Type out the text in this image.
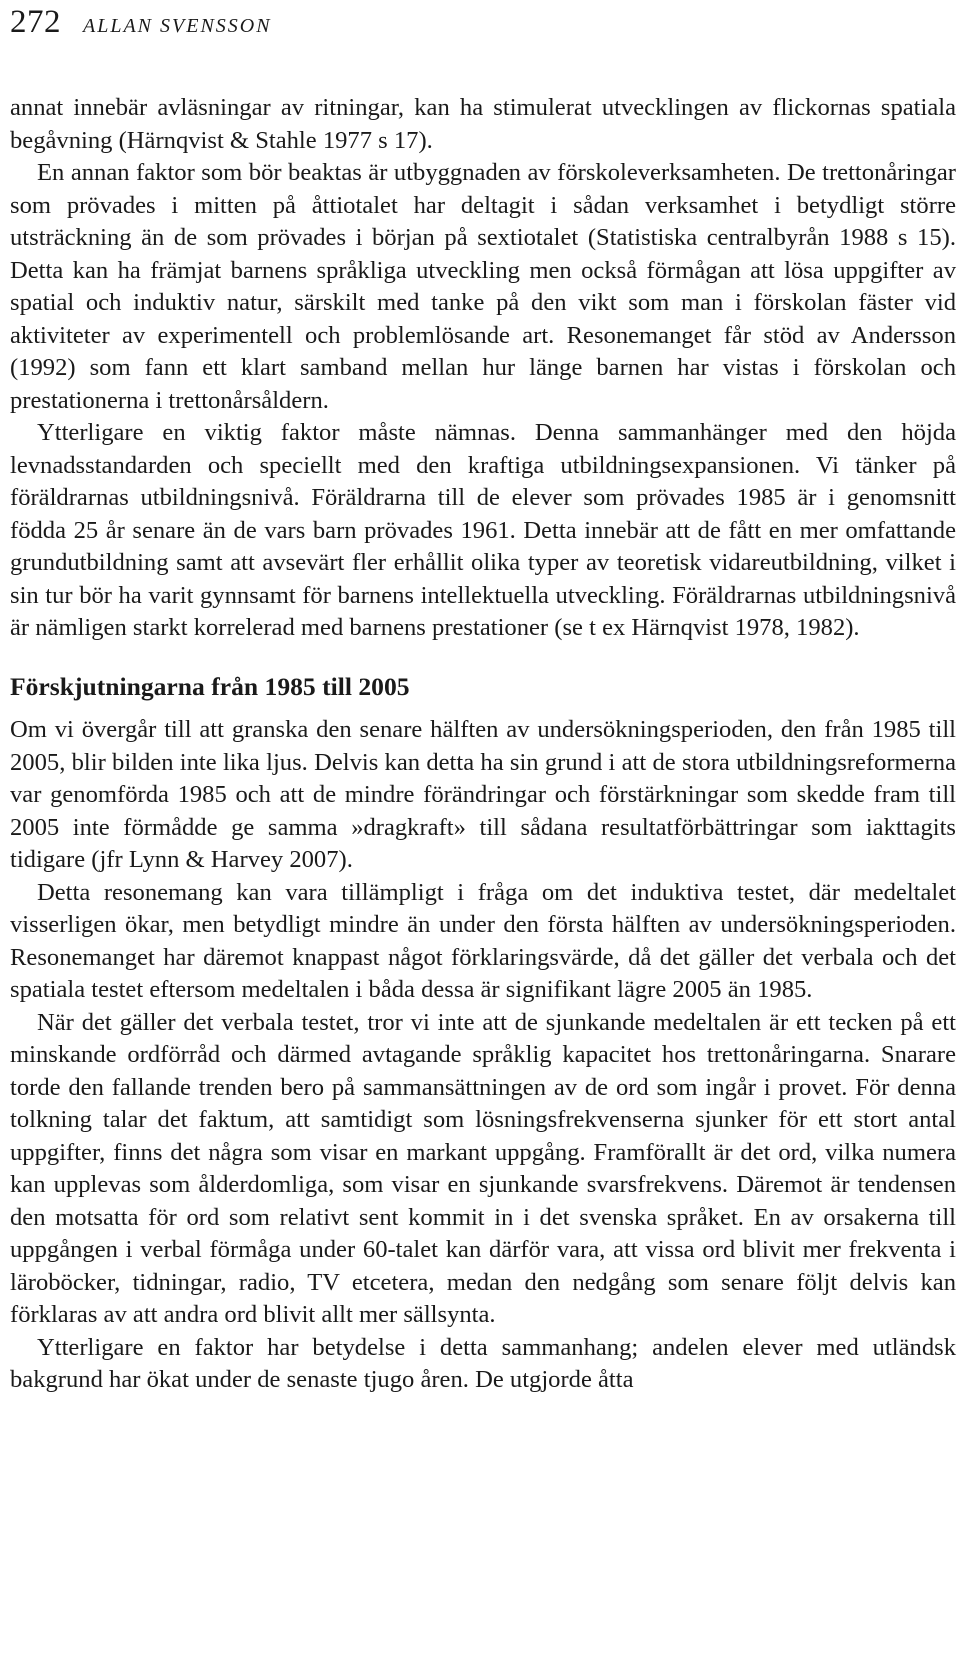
272 ALLAN SVENSSON

annat innebär avläsningar av ritningar, kan ha stimulerat utvecklingen av flickornas spatiala begåvning (Härnqvist & Stahle 1977 s 17).

En annan faktor som bör beaktas är utbyggnaden av förskoleverksamheten. De trettonåringar som prövades i mitten på åttiotalet har deltagit i sådan verksamhet i betydligt större utsträckning än de som prövades i början på sextiotalet (Statistiska centralbyrån 1988 s 15). Detta kan ha främjat barnens språkliga utveckling men också förmågan att lösa uppgifter av spatial och induktiv natur, särskilt med tanke på den vikt som man i förskolan fäster vid aktiviteter av experimentell och problemlösande art. Resonemanget får stöd av Andersson (1992) som fann ett klart samband mellan hur länge barnen har vistas i förskolan och prestationerna i trettonårsåldern.

Ytterligare en viktig faktor måste nämnas. Denna sammanhänger med den höjda levnadsstandarden och speciellt med den kraftiga utbildningsexpansionen. Vi tänker på föräldrarnas utbildningsnivå. Föräldrarna till de elever som prövades 1985 är i genomsnitt födda 25 år senare än de vars barn prövades 1961. Detta innebär att de fått en mer omfattande grundutbildning samt att avsevärt fler erhållit olika typer av teoretisk vidareutbildning, vilket i sin tur bör ha varit gynnsamt för barnens intellektuella utveckling. Föräldrarnas utbildningsnivå är nämligen starkt korrelerad med barnens prestationer (se t ex Härnqvist 1978, 1982).

Förskjutningarna från 1985 till 2005

Om vi övergår till att granska den senare hälften av undersökningsperioden, den från 1985 till 2005, blir bilden inte lika ljus. Delvis kan detta ha sin grund i att de stora utbildningsreformerna var genomförda 1985 och att de mindre förändringar och förstärkningar som skedde fram till 2005 inte förmådde ge samma »dragkraft» till sådana resultatförbättringar som iakttagits tidigare (jfr Lynn & Harvey 2007).

Detta resonemang kan vara tillämpligt i fråga om det induktiva testet, där medeltalet visserligen ökar, men betydligt mindre än under den första hälften av undersökningsperioden. Resonemanget har däremot knappast något förklaringsvärde, då det gäller det verbala och det spatiala testet eftersom medeltalen i båda dessa är signifikant lägre 2005 än 1985.

När det gäller det verbala testet, tror vi inte att de sjunkande medeltalen är ett tecken på ett minskande ordförråd och därmed avtagande språklig kapacitet hos trettonåringarna. Snarare torde den fallande trenden bero på sammansättningen av de ord som ingår i provet. För denna tolkning talar det faktum, att samtidigt som lösningsfrekvenserna sjunker för ett stort antal uppgifter, finns det några som visar en markant uppgång. Framförallt är det ord, vilka numera kan upplevas som ålderdomliga, som visar en sjunkande svarsfrekvens. Däremot är tendensen den motsatta för ord som relativt sent kommit in i det svenska språket. En av orsakerna till uppgången i verbal förmåga under 60-talet kan därför vara, att vissa ord blivit mer frekventa i läroböcker, tidningar, radio, TV etcetera, medan den nedgång som senare följt delvis kan förklaras av att andra ord blivit allt mer sällsynta.

Ytterligare en faktor har betydelse i detta sammanhang; andelen elever med utländsk bakgrund har ökat under de senaste tjugo åren. De utgjorde åtta
